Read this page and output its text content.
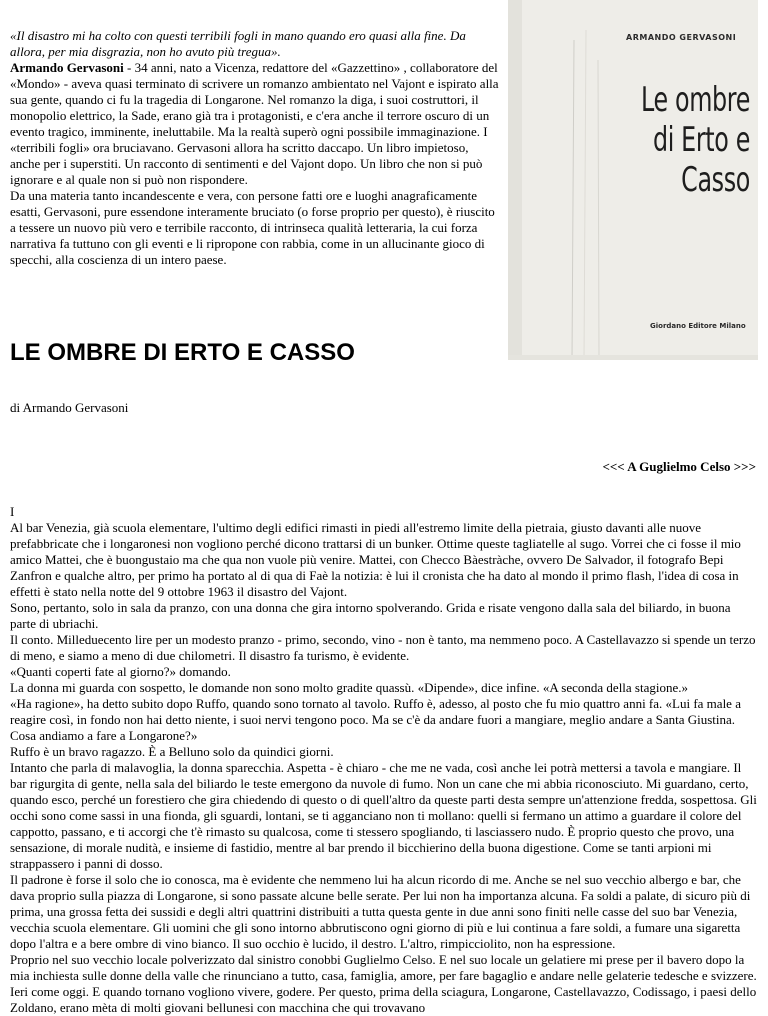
«Il disastro mi ha colto con questi terribili fogli in mano quando ero quasi alla fine. Da allora, per mia disgrazia, non ho avuto più tregua».

Armando Gervasoni - 34 anni, nato a Vicenza, redattore del «Gazzettino» , collaboratore del «Mondo» - aveva quasi terminato di scrivere un romanzo ambientato nel Vajont e ispirato alla sua gente, quando ci fu la tragedia di Longarone. Nel romanzo la diga, i suoi costruttori, il monopolio elettrico, la Sade, erano già tra i protagonisti, e c'era anche il terrore oscuro di un evento tragico, imminente, ineluttabile. Ma la realtà superò ogni possibile immaginazione. I «terribili fogli» ora bruciavano. Gervasoni allora ha scritto daccapo. Un libro impietoso, anche per i superstiti. Un racconto di sentimenti e del Vajont dopo. Un libro che non si può ignorare e al quale non si può non rispondere.

Da una materia tanto incandescente e vera, con persone fatti ore e luoghi anagraficamente esatti, Gervasoni, pure essendone interamente bruciato (o forse proprio per questo), è riuscito a tessere un nuovo più vero e terribile racconto, di intrinseca qualità letteraria, la cui forza narrativa fa tuttuno con gli eventi e li ripropone con rabbia, come in un allucinante gioco di specchi, alla coscienza di un intero paese.

ARMANDO GERVASONI
Le ombre
di Erto e Casso
Giordano Editore Milano
LE OMBRE DI ERTO E CASSO
di Armando Gervasoni
<<< A Guglielmo Celso >>>

I

Al bar Venezia, già scuola elementare, l'ultimo degli edifici rimasti in piedi all'estremo limite della pietraia, giusto davanti alle nuove prefabbricate che i longaronesi non vogliono perché dicono trattarsi di un bunker. Ottime queste tagliatelle al sugo. Vorrei che ci fosse il mio amico Mattei, che è buongustaio ma che qua non vuole più venire. Mattei, con Checco Bàestràche, ovvero De Salvador, il fotografo Bepi Zanfron e qualche altro, per primo ha portato al di qua di Faè la notizia: è lui il cronista che ha dato al mondo il primo flash, l'idea di cosa in effetti è stato nella notte del 9 ottobre 1963 il disastro del Vajont.

Sono, pertanto, solo in sala da pranzo, con una donna che gira intorno spolverando. Grida e risate vengono dalla sala del biliardo, in buona parte di ubriachi.

Il conto. Milleduecento lire per un modesto pranzo - primo, secondo, vino - non è tanto, ma nemmeno poco. A Castellavazzo si spende un terzo di meno, e siamo a meno di due chilometri. Il disastro fa turismo, è evidente.

«Quanti coperti fate al giorno?» domando.

La donna mi guarda con sospetto, le domande non sono molto gradite quassù. «Dipende», dice infine. «A seconda della stagione.»

«Ha ragione», ha detto subito dopo Ruffo, quando sono tornato al tavolo. Ruffo è, adesso, al posto che fu mio quattro anni fa. «Lui fa male a reagire così, in fondo non hai detto niente, i suoi nervi tengono poco. Ma se c'è da andare fuori a mangiare, meglio andare a Santa Giustina. Cosa andiamo a fare a Longarone?»

Ruffo è un bravo ragazzo. È a Belluno solo da quindici giorni.

Intanto che parla di malavoglia, la donna sparecchia. Aspetta - è chiaro - che me ne vada, così anche lei potrà mettersi a tavola e mangiare. Il bar rigurgita di gente, nella sala del biliardo le teste emergono da nuvole di fumo. Non un cane che mi abbia riconosciuto. Mi guardano, certo, quando esco, perché un forestiero che gira chiedendo di questo o di quell'altro da queste parti desta sempre un'attenzione fredda, sospettosa. Gli occhi sono come sassi in una fionda, gli sguardi, lontani, se ti agganciano non ti mollano: quelli si fermano un attimo a guardare il colore del cappotto, passano, e ti accorgi che t'è rimasto su qualcosa, come ti stessero spogliando, ti lasciassero nudo. È proprio questo che provo, una sensazione, di morale nudità, e insieme di fastidio, mentre al bar prendo il bicchierino della buona digestione. Come se tanti arpioni mi strappassero i panni di dosso.

Il padrone è forse il solo che io conosca, ma è evidente che nemmeno lui ha alcun ricordo di me. Anche se nel suo vecchio albergo e bar, che dava proprio sulla piazza di Longarone, si sono passate alcune belle serate. Per lui non ha importanza alcuna. Fa soldi a palate, di sicuro più di prima, una grossa fetta dei sussidi e degli altri quattrini distribuiti a tutta questa gente in due anni sono finiti nelle casse del suo bar Venezia, vecchia scuola elementare. Gli uomini che gli sono intorno abbrutiscono ogni giorno di più e lui continua a fare soldi, a fumare una sigaretta dopo l'altra e a bere ombre di vino bianco. Il suo occhio è lucido, il destro. L'altro, rimpicciolito, non ha espressione.

Proprio nel suo vecchio locale polverizzato dal sinistro conobbi Guglielmo Celso. E nel suo locale un gelatiere mi prese per il bavero dopo la mia inchiesta sulle donne della valle che rinunciano a tutto, casa, famiglia, amore, per fare bagaglio e andare nelle gelaterie tedesche e svizzere. Ieri come oggi. E quando tornano vogliono vivere, godere. Per questo, prima della sciagura, Longarone, Castellavazzo, Codissago, i paesi dello Zoldano, erano mèta di molti giovani bellunesi con macchina che qui trovavano
